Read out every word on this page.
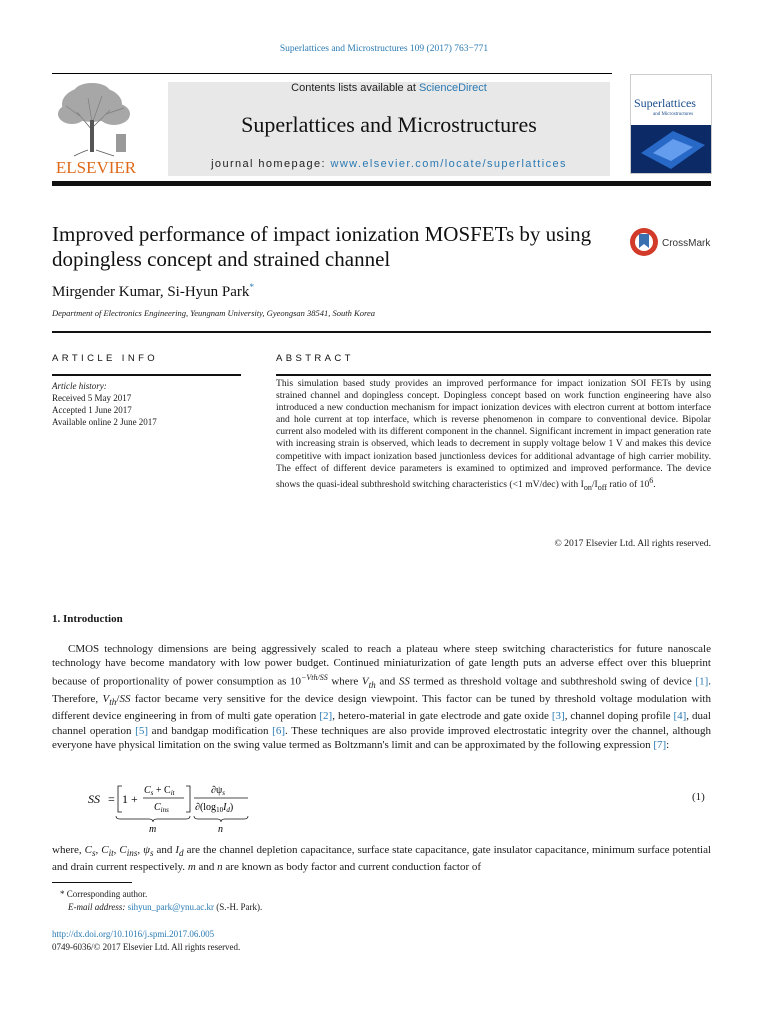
Superlattices and Microstructures 109 (2017) 763−771
ELSEVIER
Contents lists available at ScienceDirect
Superlattices and Microstructures
journal homepage: www.elsevier.com/locate/superlattices
Superlattices
and Microstructures
Improved performance of impact ionization MOSFETs by using dopingless concept and strained channel
CrossMark
Mirgender Kumar, Si-Hyun Park*
Department of Electronics Engineering, Yeungnam University, Gyeongsan 38541, South Korea
ARTICLE INFO
Article history:
Received 5 May 2017
Accepted 1 June 2017
Available online 2 June 2017
ABSTRACT
This simulation based study provides an improved performance for impact ionization SOI FETs by using strained channel and dopingless concept. Dopingless concept based on work function engineering have also introduced a new conduction mechanism for impact ionization devices with electron current at bottom interface and hole current at top interface, which is reverse phenomenon in compare to conventional device. Bipolar current also modeled with its different component in the channel. Significant increment in impact generation rate with increasing strain is observed, which leads to decrement in supply voltage below 1 V and makes this device competitive with impact ionization based junctionless devices for additional advantage of high carrier mobility. The effect of different device parameters is examined to optimized and improved performance. The device shows the quasi-ideal subthreshold switching characteristics (<1 mV/dec) with $I_{on}/I_{off}$ ratio of $10^6$.
© 2017 Elsevier Ltd. All rights reserved.
1. Introduction

CMOS technology dimensions are being aggressively scaled to reach a plateau where steep switching characteristics for future nanoscale technology have become mandatory with low power budget. Continued miniaturization of gate length puts an adverse effect over this blueprint because of proportionality of power consumption as $10^{-Vth/SS}$ where $V_{th}$ and SS termed as threshold voltage and subthreshold swing of device [1]. Therefore, $V_{th}/SS$ factor became very sensitive for the device design viewpoint. This factor can be tuned by threshold voltage modulation with different device engineering in from of multi gate operation [2], hetero-material in gate electrode and gate oxide [3], channel doping profile [4], dual channel operation [5] and bandgap modification [6]. These techniques are also provide improved electrostatic integrity over the channel, although everyone have physical limitation on the swing value termed as Boltzmann's limit and can be approximated by the following expression [7]:

SS = 1 +
$C_s + C_{it}$
$C_{ins}$
m
$\partial\psi_s$
$\partial(\log_{10}I_d)$
n
(1)
where, $C_s$, $C_{it}$, $C_{ins}$, $\psi_s$ and $I_d$ are the channel depletion capacitance, surface state capacitance, gate insulator capacitance, minimum surface potential and drain current respectively. m and n are known as body factor and current conduction factor of
* Corresponding author.
E-mail address: sihyun_park@ynu.ac.kr (S.-H. Park).
http://dx.doi.org/10.1016/j.spmi.2017.06.005
0749-6036/© 2017 Elsevier Ltd. All rights reserved.
